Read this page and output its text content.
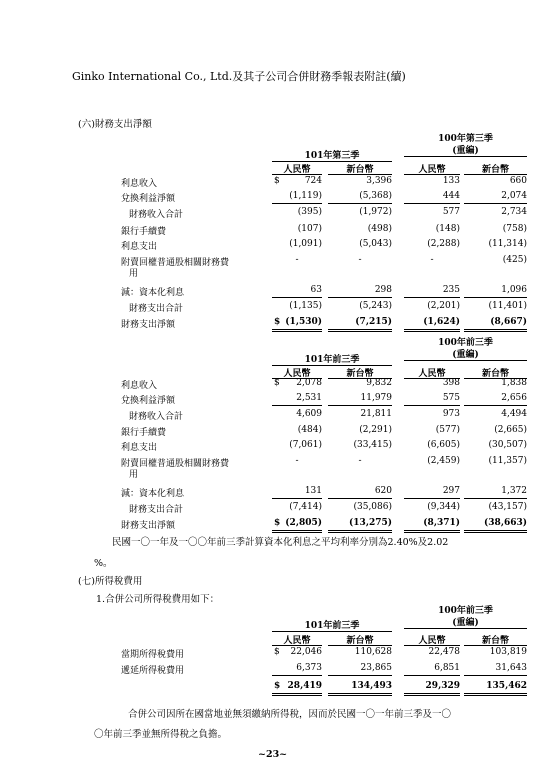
Ginko International Co., Ltd.及其子公司合併財務季報表附註(續)
(六)財務支出淨額
101年第三季
100年第三季
(重編)
人民幣	新台幣	人民幣	新台幣
利息收入	$	724	3,396	133	660
兌換利益淨額	(1,119)	(5,368)	444	2,074
財務收入合計	(395)	(1,972)	577	2,734
銀行手續費	(107)	(498)	(148)	(758)
利息支出	(1,091)	(5,043)	(2,288)	(11,314)
附賣回權普通股相關財務費
用
-	-	-	(425)
減：資本化利息	63	298	235	1,096
財務支出合計	(1,135)	(5,243)	(2,201)	(11,401)
財務支出淨額	$ (1,530)	(7,215)	(1,624)	(8,667)
101年前三季
100年前三季
(重編)
人民幣	新台幣	人民幣	新台幣
利息收入	$	2,078	9,832	398	1,838
兌換利益淨額	2,531	11,979	575	2,656
財務收入合計	4,609	21,811	973	4,494
銀行手續費	(484)	(2,291)	(577)	(2,665)
利息支出	(7,061)	(33,415)	(6,605)	(30,507)
附賣回權普通股相關財務費
用
-	-	(2,459)	(11,357)
減：資本化利息	131	620	297	1,372
財務支出合計	(7,414)	(35,086)	(9,344)	(43,157)
財務支出淨額	$ (2,805)	(13,275)	(8,371)	(38,663)
民國一〇一年及一〇〇年前三季計算資本化利息之平均利率分別為2.40%及2.02
%。
(七)所得稅費用
1.合併公司所得稅費用如下：
101年前三季
100年前三季
(重編)
人民幣	新台幣	人民幣	新台幣
當期所得稅費用	$	22,046	110,628	22,478	103,819
遞延所得稅費用	6,373	23,865	6,851	31,643
$ 28,419	134,493	29,329	135,462
合併公司因所在國當地並無須繳納所得稅，因而於民國一〇一年前三季及一〇
〇年前三季並無所得稅之負擔。
~23~
